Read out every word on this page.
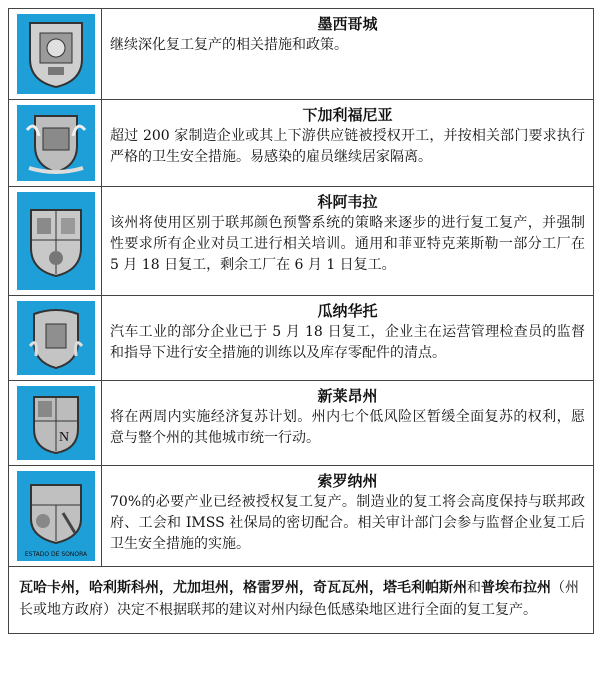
墨西哥城
继续深化复工复产的相关措施和政策。

下加利福尼亚
超过 200 家制造企业或其上下游供应链被授权开工，并按相关部门要求执行严格的卫生安全措施。易感染的雇员继续居家隔离。

科阿韦拉
该州将使用区别于联邦颜色预警系统的策略来逐步的进行复工复产，并强制性要求所有企业对员工进行相关培训。通用和菲亚特克莱斯勒一部分工厂在 5 月 18 日复工，剩余工厂在 6 月 1 日复工。

瓜纳华托
汽车工业的部分企业已于 5 月 18 日复工，企业主在运营管理检查员的监督和指导下进行安全措施的训练以及库存零配件的清点。

N	新莱昂州
将在两周内实施经济复苏计划。州内七个低风险区暂缓全面复苏的权利，愿意与整个州的其他城市统一行动。

ESTADO DE SONORA	索罗纳州
70%的必要产业已经被授权复工复产。制造业的复工将会高度保持与联邦政府、工会和 IMSS 社保局的密切配合。相关审计部门会参与监督企业复工后卫生安全措施的实施。

瓦哈卡州，哈利斯科州，尤加坦州，格雷罗州，奇瓦瓦州，塔毛利帕斯州和普埃布拉州（州长或地方政府）决定不根据联邦的建议对州内绿色低感染地区进行全面的复工复产。	
